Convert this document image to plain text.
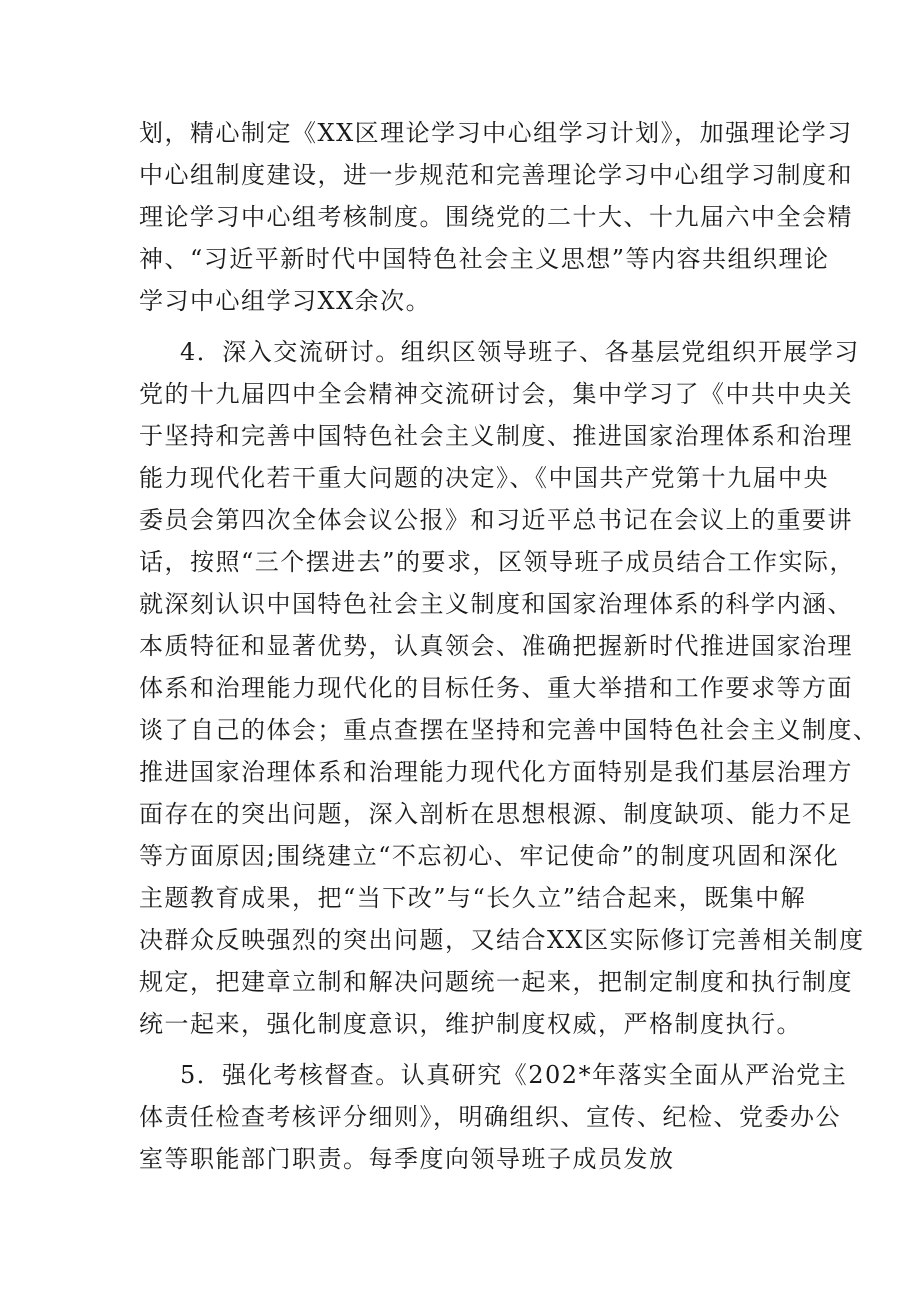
划，精心制定《XX区理论学习中心组学习计划》，加强理论学习
中心组制度建设，进一步规范和完善理论学习中心组学习制度和
理论学习中心组考核制度。围绕党的二十大、十九届六中全会精
神、“习近平新时代中国特色社会主义思想”等内容共组织理论
学习中心组学习XX余次。
4．深入交流研讨。组织区领导班子、各基层党组织开展学习
党的十九届四中全会精神交流研讨会，集中学习了《中共中央关
于坚持和完善中国特色社会主义制度、推进国家治理体系和治理
能力现代化若干重大问题的决定》、《中国共产党第十九届中央
委员会第四次全体会议公报》和习近平总书记在会议上的重要讲
话，按照“三个摆进去”的要求，区领导班子成员结合工作实际，
就深刻认识中国特色社会主义制度和国家治理体系的科学内涵、
本质特征和显著优势，认真领会、准确把握新时代推进国家治理
体系和治理能力现代化的目标任务、重大举措和工作要求等方面
谈了自己的体会；重点查摆在坚持和完善中国特色社会主义制度、
推进国家治理体系和治理能力现代化方面特别是我们基层治理方
面存在的突出问题，深入剖析在思想根源、制度缺项、能力不足
等方面原因;围绕建立“不忘初心、牢记使命”的制度巩固和深化
主题教育成果，把“当下改”与“长久立”结合起来，既集中解
决群众反映强烈的突出问题，又结合XX区实际修订完善相关制度
规定，把建章立制和解决问题统一起来，把制定制度和执行制度
统一起来，强化制度意识，维护制度权威，严格制度执行。
5．强化考核督查。认真研究《202*年落实全面从严治党主
体责任检查考核评分细则》，明确组织、宣传、纪检、党委办公
室等职能部门职责。每季度向领导班子成员发放
